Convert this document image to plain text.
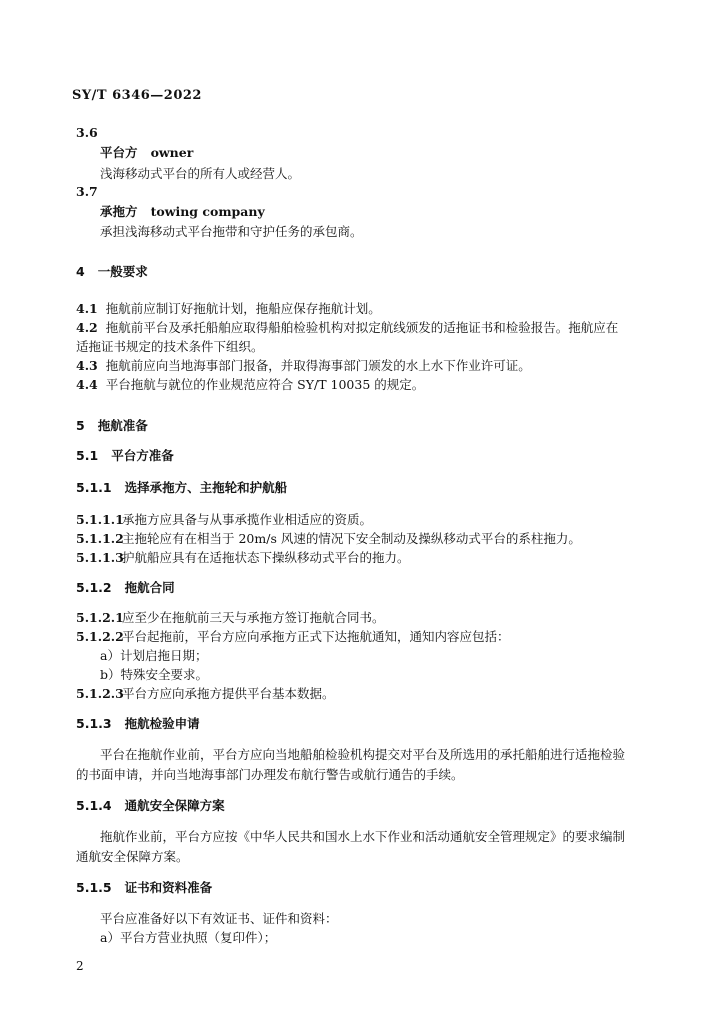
SY/T 6346—2022
3.6
平台方 owner
浅海移动式平台的所有人或经营人。
3.7
承拖方 towing company
承担浅海移动式平台拖带和守护任务的承包商。
4 一般要求
4.1 拖航前应制订好拖航计划，拖船应保存拖航计划。
4.2 拖航前平台及承托船舶应取得船舶检验机构对拟定航线颁发的适拖证书和检验报告。拖航应在
适拖证书规定的技术条件下组织。
4.3 拖航前应向当地海事部门报备，并取得海事部门颁发的水上水下作业许可证。
4.4 平台拖航与就位的作业规范应符合 SY/T 10035 的规定。
5 拖航准备
5.1 平台方准备
5.1.1 选择承拖方、主拖轮和护航船
5.1.1.1承拖方应具备与从事承揽作业相适应的资质。
5.1.1.2主拖轮应有在相当于 20m/s 风速的情况下安全制动及操纵移动式平台的系柱拖力。
5.1.1.3护航船应具有在适拖状态下操纵移动式平台的拖力。
5.1.2 拖航合同
5.1.2.1应至少在拖航前三天与承拖方签订拖航合同书。
5.1.2.2平台起拖前，平台方应向承拖方正式下达拖航通知，通知内容应包括：
a）计划启拖日期；
b）特殊安全要求。
5.1.2.3平台方应向承拖方提供平台基本数据。
5.1.3 拖航检验申请
平台在拖航作业前，平台方应向当地船舶检验机构提交对平台及所选用的承托船舶进行适拖检验
的书面申请，并向当地海事部门办理发布航行警告或航行通告的手续。
5.1.4 通航安全保障方案
拖航作业前，平台方应按《中华人民共和国水上水下作业和活动通航安全管理规定》的要求编制
通航安全保障方案。
5.1.5 证书和资料准备
平台应准备好以下有效证书、证件和资料：
a）平台方营业执照（复印件）；
2
